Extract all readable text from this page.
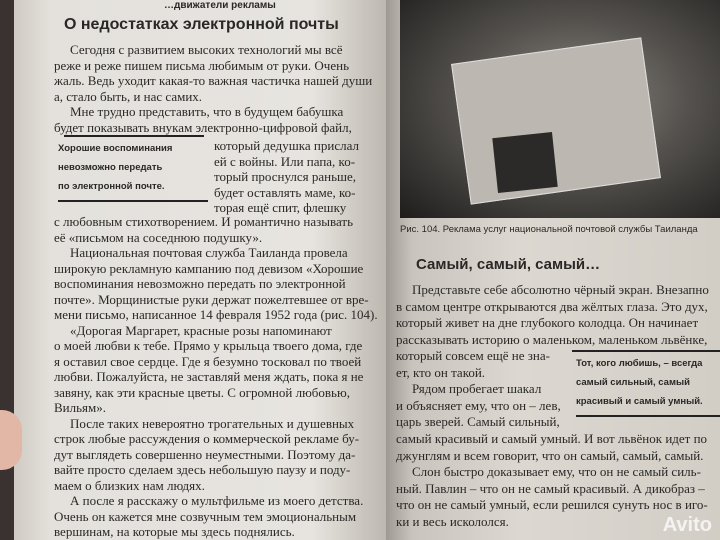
…движатели рекламы
О недостатках электронной почты
Хорошие воспоминания
невозможно передать
по электронной почте.
Сегодня с развитием высоких технологий мы всё
реже и реже пишем письма любимым от руки. Очень
жаль. Ведь уходит какая-то важная частичка нашей души
а, стало быть, и нас самих.
Мне трудно представить, что в будущем бабушка
будет показывать внукам электронно-цифровой файл,
который дедушка прислал
ей с войны. Или папа, ко-
торый проснулся раньше,
будет оставлять маме, ко-
торая ещё спит, флешку
с любовным стихотворением. И романтично называть
её «письмом на соседнюю подушку».
Национальная почтовая служба Таиланда провела
широкую рекламную кампанию под девизом «Хорошие
воспоминания невозможно передать по электронной
почте». Морщинистые руки держат пожелтевшее от вре-
мени письмо, написанное 14 февраля 1952 года (рис. 104).
«Дорогая Маргарет, красные розы напоминают
о моей любви к тебе. Прямо у крыльца твоего дома, где
я оставил свое сердце. Где я безумно тосковал по твоей
любви. Пожалуйста, не заставляй меня ждать, пока я не
завяну, как эти красные цветы. С огромной любовью,
Вильям».
После таких невероятно трогательных и душевных
строк любые рассуждения о коммерческой рекламе бу-
дут выглядеть совершенно неуместными. Поэтому да-
вайте просто сделаем здесь небольшую паузу и поду-
маем о близких нам людях.
А после я расскажу о мультфильме из моего детства.
Очень он кажется мне созвучным тем эмоциональным
вершинам, на которые мы здесь поднялись.
Рис. 104. Реклама услуг национальной почтовой службы Таиланда
Самый, самый, самый…
Тот, кого любишь, – всегда
самый сильный, самый
красивый и самый умный.
Avito
Представьте себе абсолютно чёрный экран. Внезапно
в самом центре открываются два жёлтых глаза. Это дух,
который живет на дне глубокого колодца. Он начинает
рассказывать историю о маленьком, маленьком львёнке,
который совсем ещё не зна-
ет, кто он такой.
Рядом пробегает шакал
и объясняет ему, что он – лев,
царь зверей. Самый сильный,
самый красивый и самый умный. И вот львёнок идет по
джунглям и всем говорит, что он самый, самый, самый.
Слон быстро доказывает ему, что он не самый силь-
ный. Павлин – что он не самый красивый. А дикобраз –
что он не самый умный, если решился сунуть нос в иго-
ки и весь искололся.
